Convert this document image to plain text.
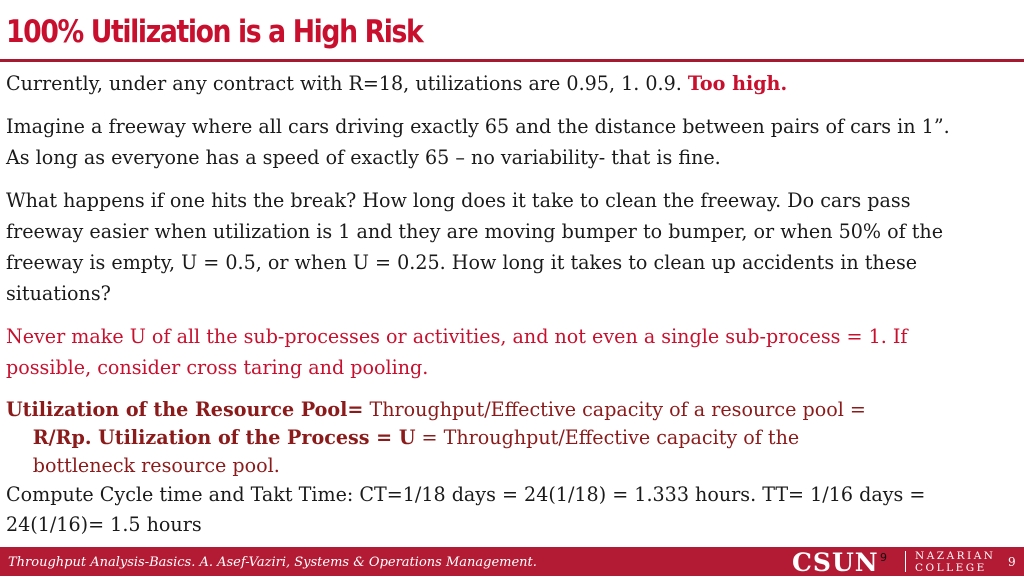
100% Utilization is a High Risk
Currently, under any contract with R=18, utilizations are 0.95, 1. 0.9. Too high.
Imagine a freeway where all cars driving exactly 65 and the distance between pairs of cars in 1”. As long as everyone has a speed of exactly 65 – no variability- that is fine.
What happens if one hits the break? How long does it take to clean the freeway. Do cars pass freeway easier when utilization is 1 and they are moving bumper to bumper, or when 50% of the freeway is empty, U = 0.5, or when U = 0.25. How long it takes to clean up accidents in these situations?
Never make U of all the sub-processes or activities, and not even a single sub-process = 1. If possible, consider cross taring and pooling.
Utilization of the Resource Pool= Throughput/Effective capacity of a resource pool =
R/Rp. Utilization of the Process = U = Throughput/Effective capacity of the
bottleneck resource pool.
Compute Cycle time and Takt Time: CT=1/18 days = 24(1/18) = 1.333 hours. TT= 1/16 days = 24(1/16)= 1.5 hours
Throughput Analysis-Basics. A. Asef-Vaziri, Systems & Operations Management.	CSUN 9	NAZARIAN
COLLEGE	9
